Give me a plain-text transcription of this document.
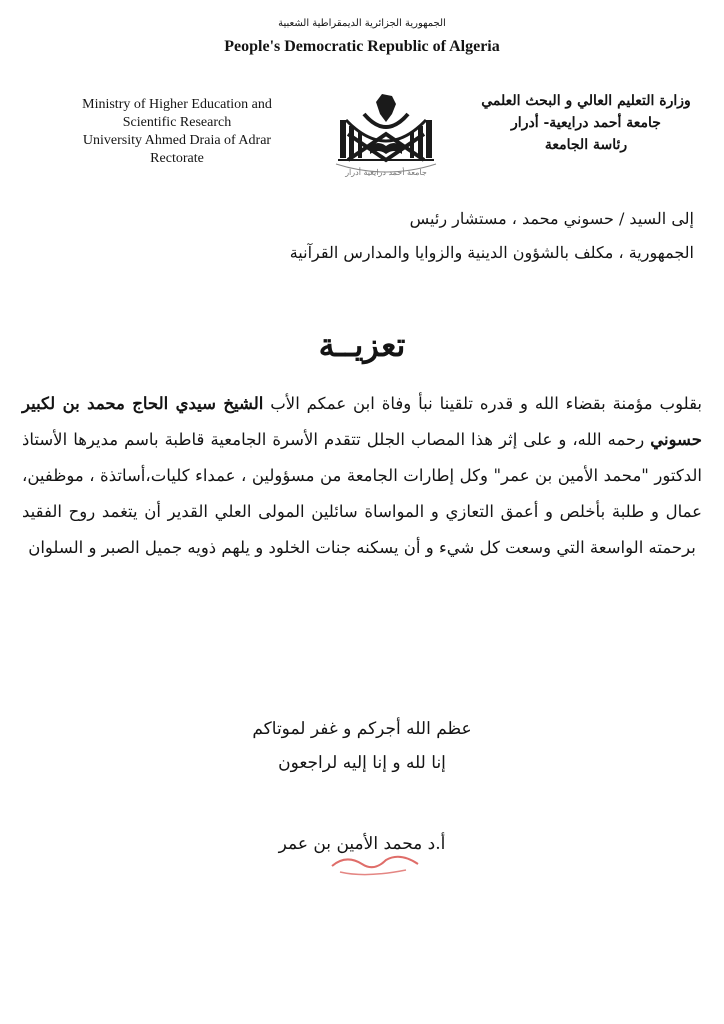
الجمهورية الجزائرية الديمقراطية الشعبية
People's Democratic Republic of Algeria
Ministry of Higher Education and
Scientific Research
University Ahmed Draia of Adrar
Rectorate
جامعة أحمد درايعية أدرار
وزارة التعليم العالي و البحث العلمي
جامعة أحمد درايعية- أدرار
رئاسة الجامعة
إلى السيد / حسوني محمد ، مستشار رئيس
الجمهورية ، مكلف بالشؤون الدينية والزوايا والمدارس القرآنية
تعزيــة
بقلوب مؤمنة بقضاء الله و قدره تلقينا نبأ وفاة ابن عمكم الأب الشيخ سيدي الحاج محمد بن لكبير حسوني رحمه الله، و على إثر هذا المصاب الجلل تتقدم الأسرة الجامعية قاطبة باسم مديرها الأستاذ الدكتور "محمد الأمين بن عمر" وكل إطارات الجامعة من مسؤولين ، عمداء كليات،أساتذة ، موظفين، عمال و طلبة بأخلص و أعمق التعازي و المواساة سائلين المولى العلي القدير أن يتغمد روح الفقيد برحمته الواسعة التي وسعت كل شيء و أن يسكنه جنات الخلود و يلهم ذويه جميل الصبر و السلوان
عظم الله أجركم و غفر لموتاكم
إنا لله و إنا إليه لراجعون
أ.د محمد الأمين بن عمر
